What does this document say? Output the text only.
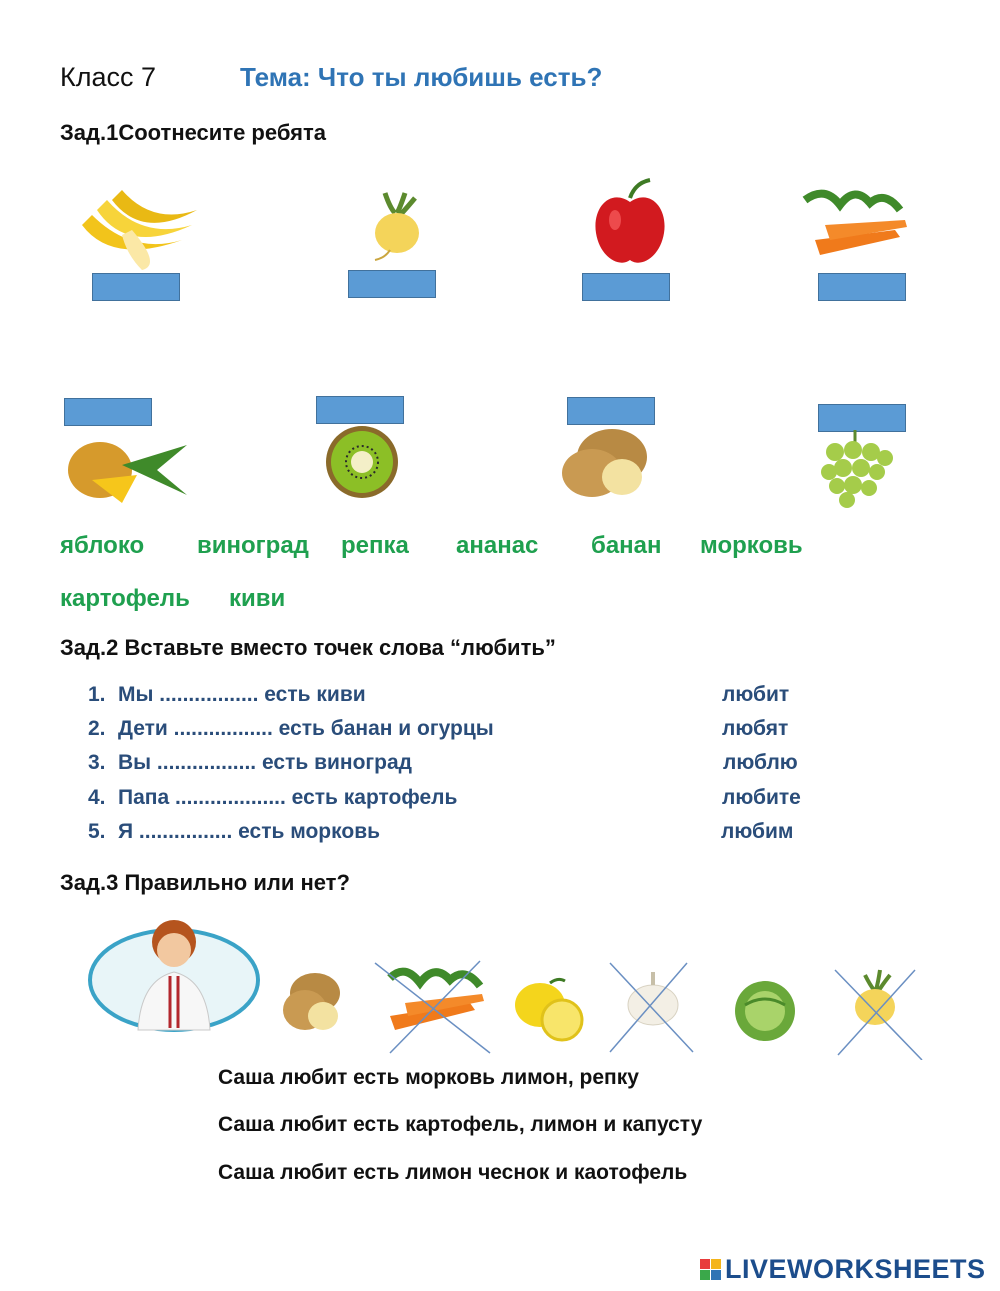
Класс 7	Тема: Что ты любишь есть?
Зад.1Соотнесите ребята
яблоко виноград репка ананас банан морковь
картофель киви
Зад.2 Вставьте вместо точек слова “любить”
1. Мы ................. есть киви
2. Дети ................. есть банан и огурцы
3. Вы ................. есть виноград
4. Папа ................... есть картофель
5. Я ................ есть морковь
любит
любят
люблю
любите
любим
Зад.3 Правильно или нет?
Саша любит есть морковь лимон, репку
Саша любит есть картофель, лимон и капусту
Саша любит есть лимон чеснок и каотофель
LIVEWORKSHEETS
